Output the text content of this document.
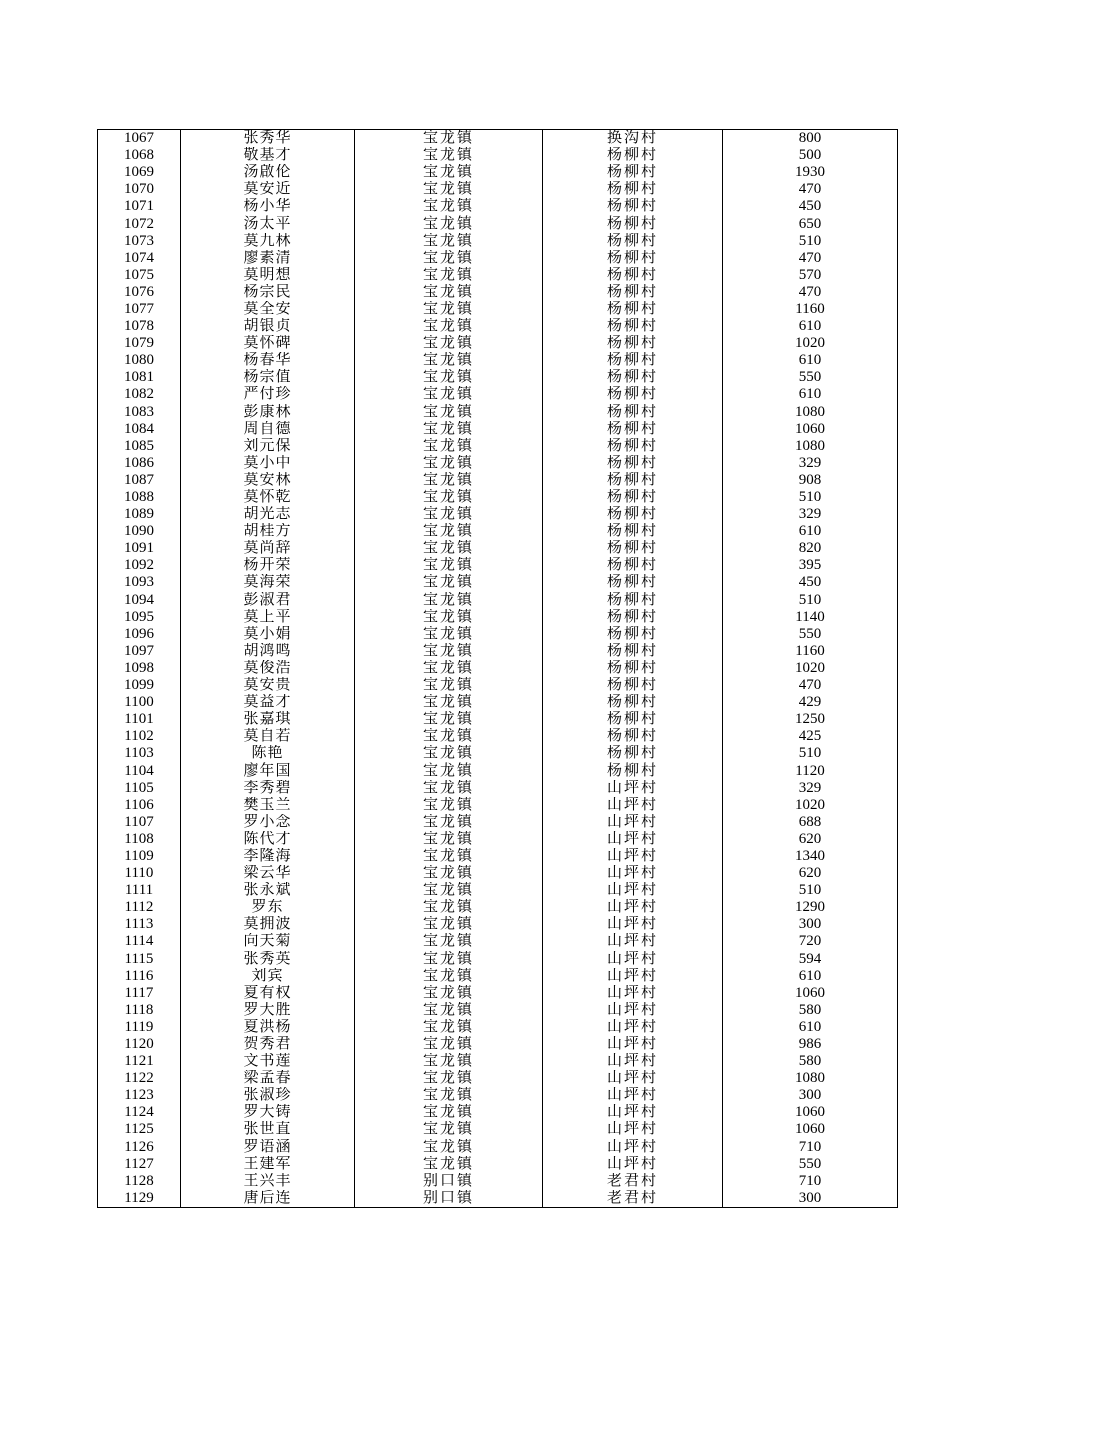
1067	张秀华	宝龙镇	换沟村	800
1068	敬基才	宝龙镇	杨柳村	500
1069	汤啟伦	宝龙镇	杨柳村	1930
1070	莫安近	宝龙镇	杨柳村	470
1071	杨小华	宝龙镇	杨柳村	450
1072	汤太平	宝龙镇	杨柳村	650
1073	莫九林	宝龙镇	杨柳村	510
1074	廖素清	宝龙镇	杨柳村	470
1075	莫明想	宝龙镇	杨柳村	570
1076	杨宗民	宝龙镇	杨柳村	470
1077	莫全安	宝龙镇	杨柳村	1160
1078	胡银贞	宝龙镇	杨柳村	610
1079	莫怀碑	宝龙镇	杨柳村	1020
1080	杨春华	宝龙镇	杨柳村	610
1081	杨宗值	宝龙镇	杨柳村	550
1082	严付珍	宝龙镇	杨柳村	610
1083	彭康林	宝龙镇	杨柳村	1080
1084	周自德	宝龙镇	杨柳村	1060
1085	刘元保	宝龙镇	杨柳村	1080
1086	莫小中	宝龙镇	杨柳村	329
1087	莫安林	宝龙镇	杨柳村	908
1088	莫怀乾	宝龙镇	杨柳村	510
1089	胡光志	宝龙镇	杨柳村	329
1090	胡桂方	宝龙镇	杨柳村	610
1091	莫尚辞	宝龙镇	杨柳村	820
1092	杨开荣	宝龙镇	杨柳村	395
1093	莫海荣	宝龙镇	杨柳村	450
1094	彭淑君	宝龙镇	杨柳村	510
1095	莫上平	宝龙镇	杨柳村	1140
1096	莫小娟	宝龙镇	杨柳村	550
1097	胡鸿鸣	宝龙镇	杨柳村	1160
1098	莫俊浩	宝龙镇	杨柳村	1020
1099	莫安贵	宝龙镇	杨柳村	470
1100	莫益才	宝龙镇	杨柳村	429
1101	张嘉琪	宝龙镇	杨柳村	1250
1102	莫自若	宝龙镇	杨柳村	425
1103	陈艳	宝龙镇	杨柳村	510
1104	廖年国	宝龙镇	杨柳村	1120
1105	李秀碧	宝龙镇	山坪村	329
1106	樊玉兰	宝龙镇	山坪村	1020
1107	罗小念	宝龙镇	山坪村	688
1108	陈代才	宝龙镇	山坪村	620
1109	李隆海	宝龙镇	山坪村	1340
1110	梁云华	宝龙镇	山坪村	620
1111	张永斌	宝龙镇	山坪村	510
1112	罗东	宝龙镇	山坪村	1290
1113	莫拥波	宝龙镇	山坪村	300
1114	向天菊	宝龙镇	山坪村	720
1115	张秀英	宝龙镇	山坪村	594
1116	刘宾	宝龙镇	山坪村	610
1117	夏有权	宝龙镇	山坪村	1060
1118	罗大胜	宝龙镇	山坪村	580
1119	夏洪杨	宝龙镇	山坪村	610
1120	贺秀君	宝龙镇	山坪村	986
1121	文书莲	宝龙镇	山坪村	580
1122	梁孟春	宝龙镇	山坪村	1080
1123	张淑珍	宝龙镇	山坪村	300
1124	罗大铸	宝龙镇	山坪村	1060
1125	张世直	宝龙镇	山坪村	1060
1126	罗语涵	宝龙镇	山坪村	710
1127	王建军	宝龙镇	山坪村	550
1128	王兴丰	别口镇	老君村	710
1129	唐后连	别口镇	老君村	300
